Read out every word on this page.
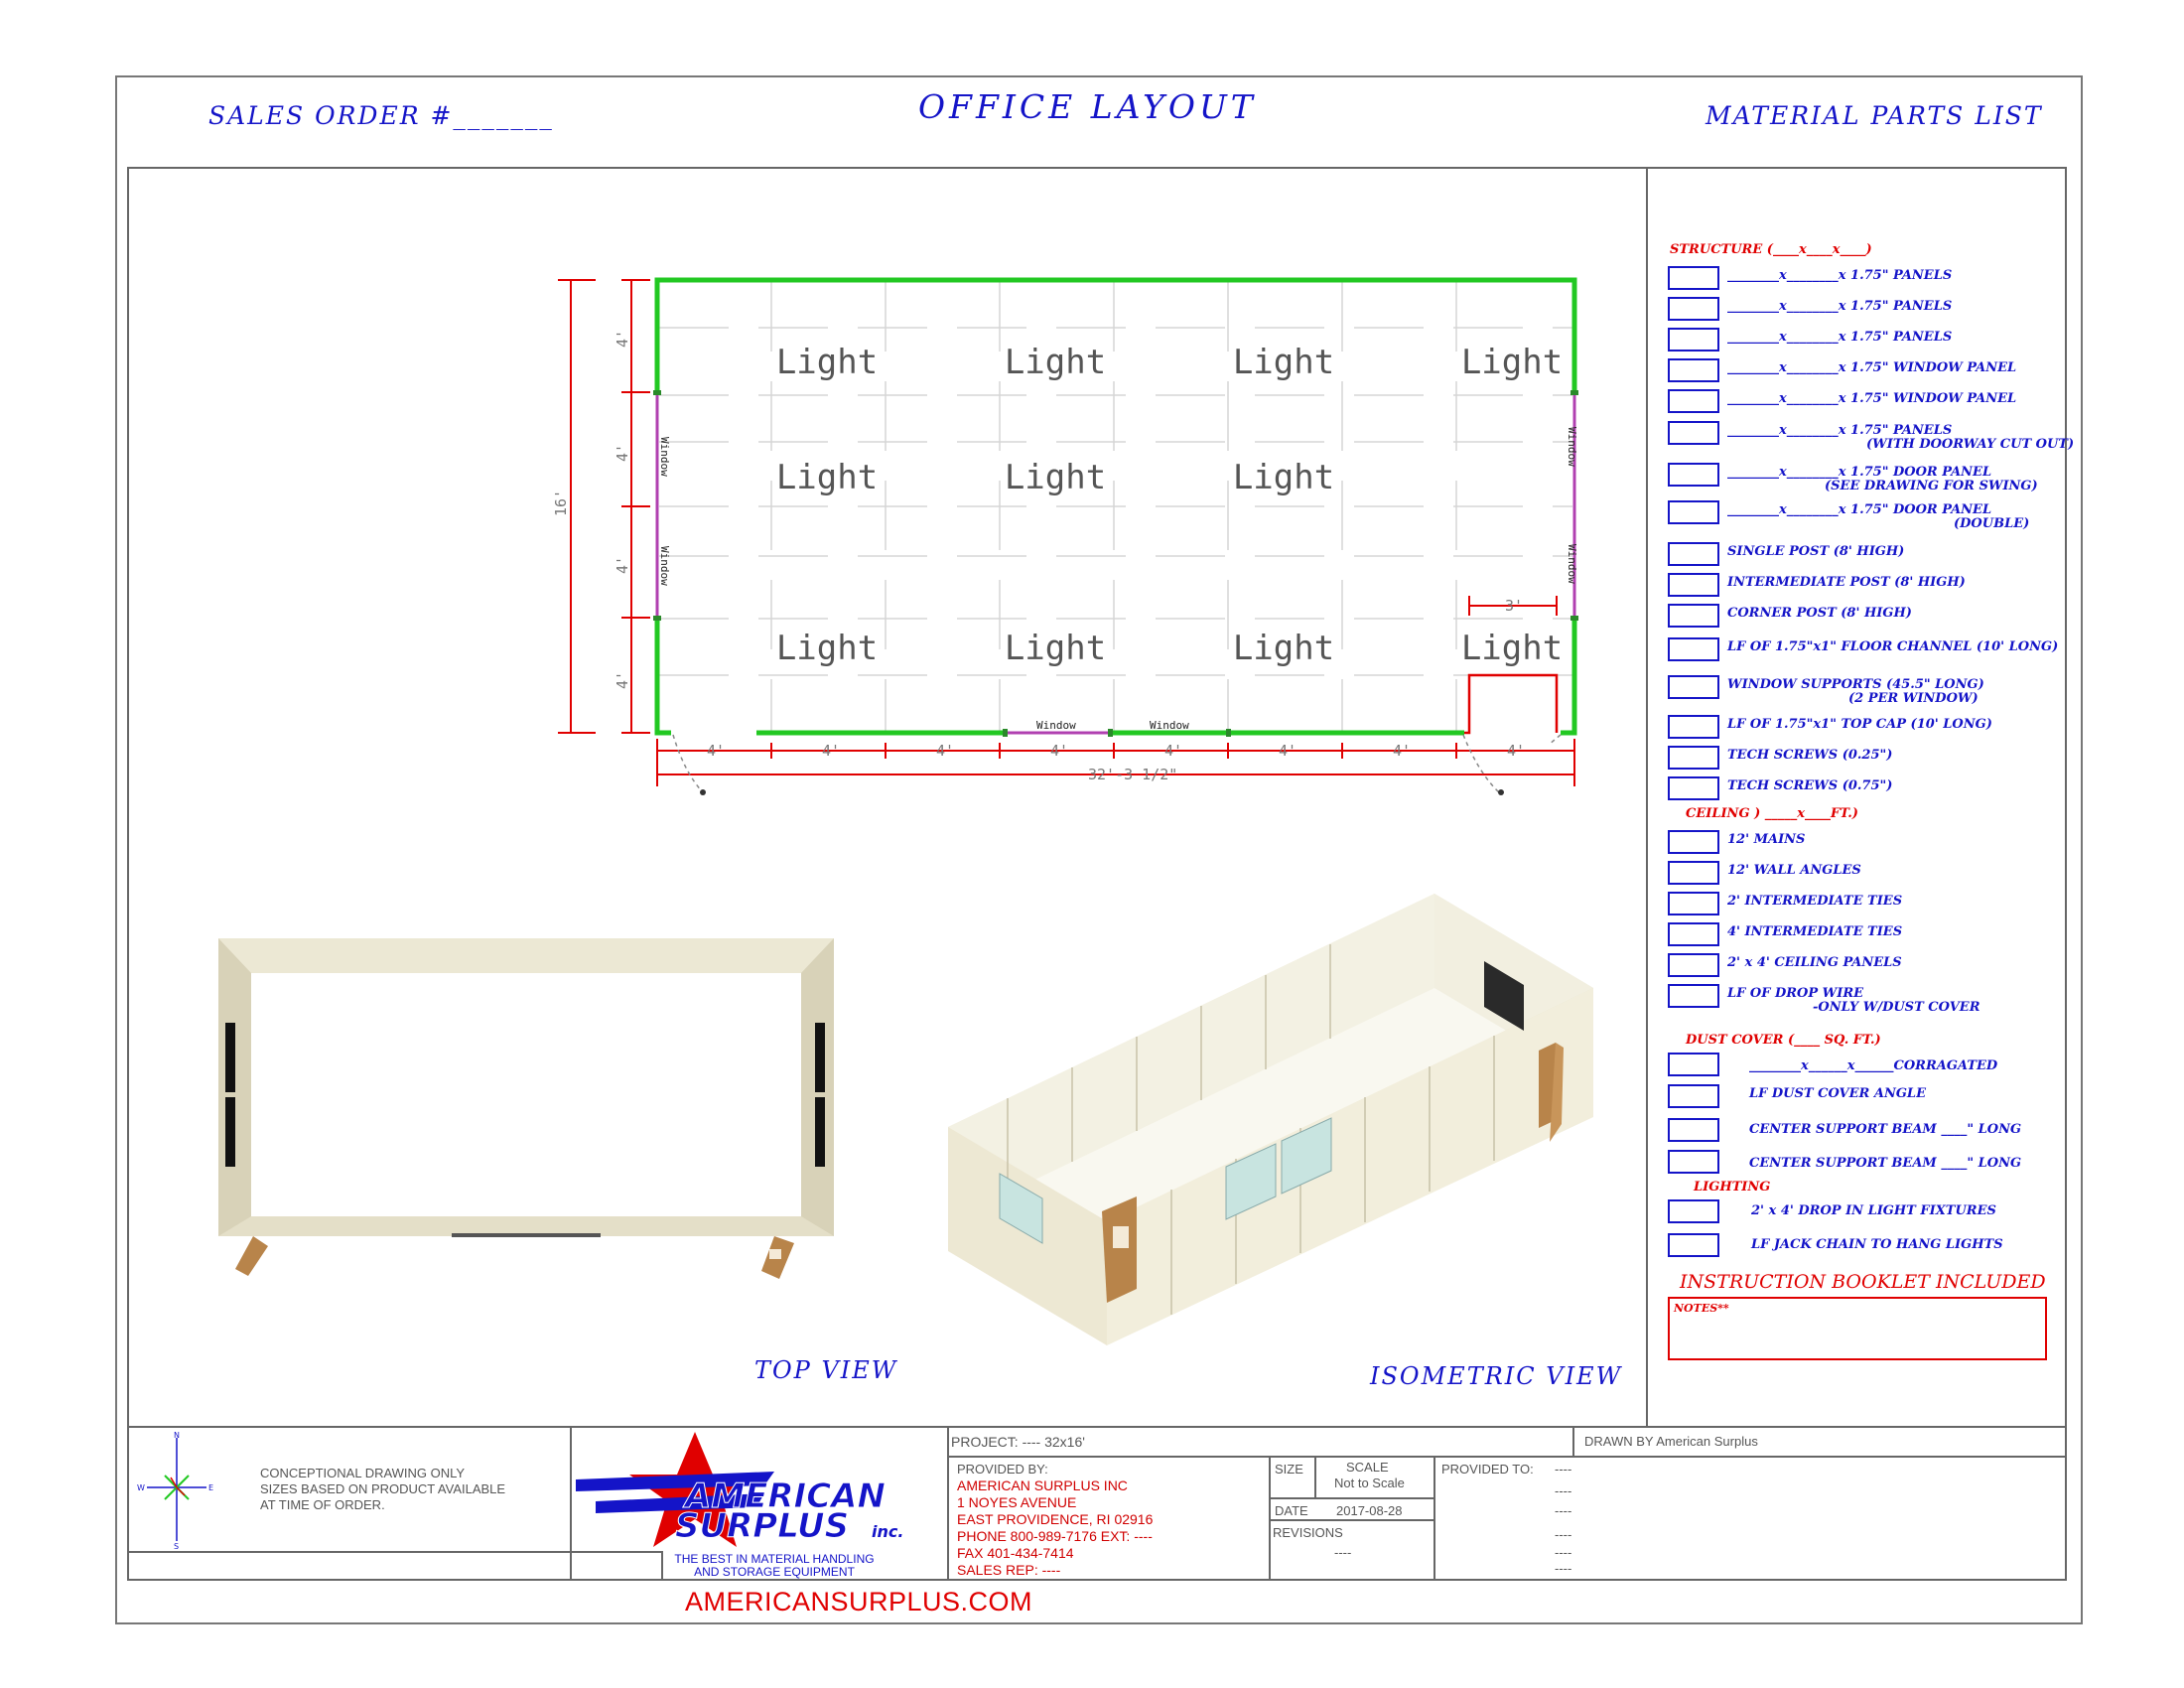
SALES ORDER #_______	OFFICE LAYOUT	MATERIAL PARTS LIST
Window
Window
Window
Window
Window	Window
Light	Light	Light	Light
Light	Light	Light
Light	Light	Light	Light
16'
4'
4'
4'
4'
4'	4'	4'	4'	4'	4'	4'	4'
32'-3 1/2"
3'
TOP VIEW	ISOMETRIC VIEW
STRUCTURE (____x____x____)
________x________x 1.75" PANELS
________x________x 1.75" PANELS
________x________x 1.75" PANELS
________x________x 1.75" WINDOW PANEL
________x________x 1.75" WINDOW PANEL
________x________x 1.75" PANELS
(WITH DOORWAY CUT OUT)
________x________x 1.75" DOOR PANEL
(SEE DRAWING FOR SWING)
________x________x 1.75" DOOR PANEL
(DOUBLE)
SINGLE POST (8' HIGH)
INTERMEDIATE POST (8' HIGH)
CORNER POST (8' HIGH)
LF OF 1.75"x1" FLOOR CHANNEL (10' LONG)
WINDOW SUPPORTS (45.5" LONG)
(2 PER WINDOW)
LF OF 1.75"x1" TOP CAP (10' LONG)
TECH SCREWS (0.25")
TECH SCREWS (0.75")
CEILING ) _____x____FT.)
12' MAINS
12' WALL ANGLES
2' INTERMEDIATE TIES
4' INTERMEDIATE TIES
2' x 4' CEILING PANELS
LF OF DROP WIRE
-ONLY W/DUST COVER
DUST COVER (____ SQ. FT.)
________x______x______CORRAGATED
LF DUST COVER ANGLE
CENTER SUPPORT BEAM ____" LONG
CENTER SUPPORT BEAM ____" LONG
LIGHTING
2' x 4' DROP IN LIGHT FIXTURES
LF JACK CHAIN TO HANG LIGHTS
INSTRUCTION BOOKLET INCLUDED
NOTES**
N
S
E
W
CONCEPTIONAL DRAWING ONLY
SIZES BASED ON PRODUCT AVAILABLE
AT TIME OF ORDER.	AMERICAN
SURPLUS inc.
THE BEST IN MATERIAL HANDLING
AND STORAGE EQUIPMENT
PROJECT: ---- 32x16'	DRAWN BY American Surplus
PROVIDED BY:
AMERICAN SURPLUS INC
1 NOYES AVENUE
EAST PROVIDENCE, RI 02916
PHONE 800-989-7176 EXT: ----
FAX 401-434-7414
SALES REP: ----
SIZE	SCALE
Not to Scale
DATE 2017-08-28
REVISIONS
----
PROVIDED TO: ----
----
----
----
----
----
AMERICANSURPLUS.COM
